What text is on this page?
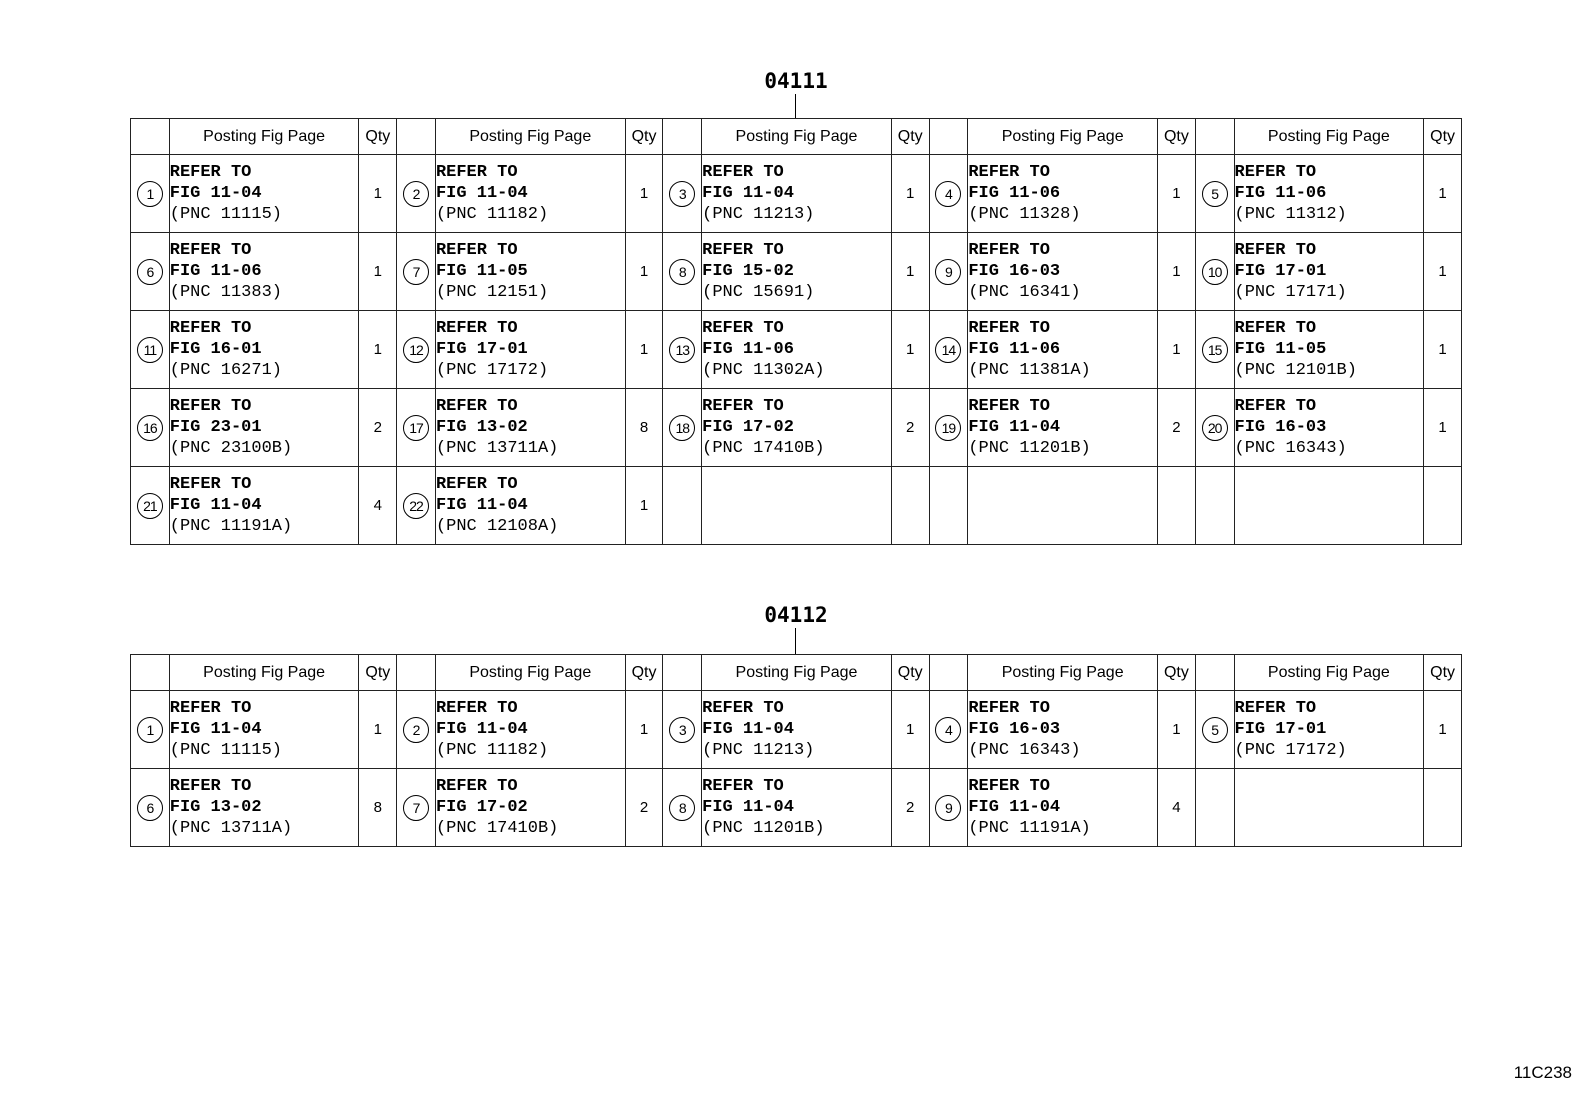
04111
	Posting Fig Page	Qty		Posting Fig Page	Qty		Posting Fig Page	Qty		Posting Fig Page	Qty		Posting Fig Page	Qty
1	REFER TO
FIG 11-04
(PNC 11115)	1	2	REFER TO
FIG 11-04
(PNC 11182)	1	3	REFER TO
FIG 11-04
(PNC 11213)	1	4	REFER TO
FIG 11-06
(PNC 11328)	1	5	REFER TO
FIG 11-06
(PNC 11312)	1
6	REFER TO
FIG 11-06
(PNC 11383)	1	7	REFER TO
FIG 11-05
(PNC 12151)	1	8	REFER TO
FIG 15-02
(PNC 15691)	1	9	REFER TO
FIG 16-03
(PNC 16341)	1	10	REFER TO
FIG 17-01
(PNC 17171)	1
11	REFER TO
FIG 16-01
(PNC 16271)	1	12	REFER TO
FIG 17-01
(PNC 17172)	1	13	REFER TO
FIG 11-06
(PNC 11302A)	1	14	REFER TO
FIG 11-06
(PNC 11381A)	1	15	REFER TO
FIG 11-05
(PNC 12101B)	1
16	REFER TO
FIG 23-01
(PNC 23100B)	2	17	REFER TO
FIG 13-02
(PNC 13711A)	8	18	REFER TO
FIG 17-02
(PNC 17410B)	2	19	REFER TO
FIG 11-04
(PNC 11201B)	2	20	REFER TO
FIG 16-03
(PNC 16343)	1
21	REFER TO
FIG 11-04
(PNC 11191A)	4	22	REFER TO
FIG 11-04
(PNC 12108A)	1									
04112
	Posting Fig Page	Qty		Posting Fig Page	Qty		Posting Fig Page	Qty		Posting Fig Page	Qty		Posting Fig Page	Qty
1	REFER TO
FIG 11-04
(PNC 11115)	1	2	REFER TO
FIG 11-04
(PNC 11182)	1	3	REFER TO
FIG 11-04
(PNC 11213)	1	4	REFER TO
FIG 16-03
(PNC 16343)	1	5	REFER TO
FIG 17-01
(PNC 17172)	1
6	REFER TO
FIG 13-02
(PNC 13711A)	8	7	REFER TO
FIG 17-02
(PNC 17410B)	2	8	REFER TO
FIG 11-04
(PNC 11201B)	2	9	REFER TO
FIG 11-04
(PNC 11191A)	4			
11C238
